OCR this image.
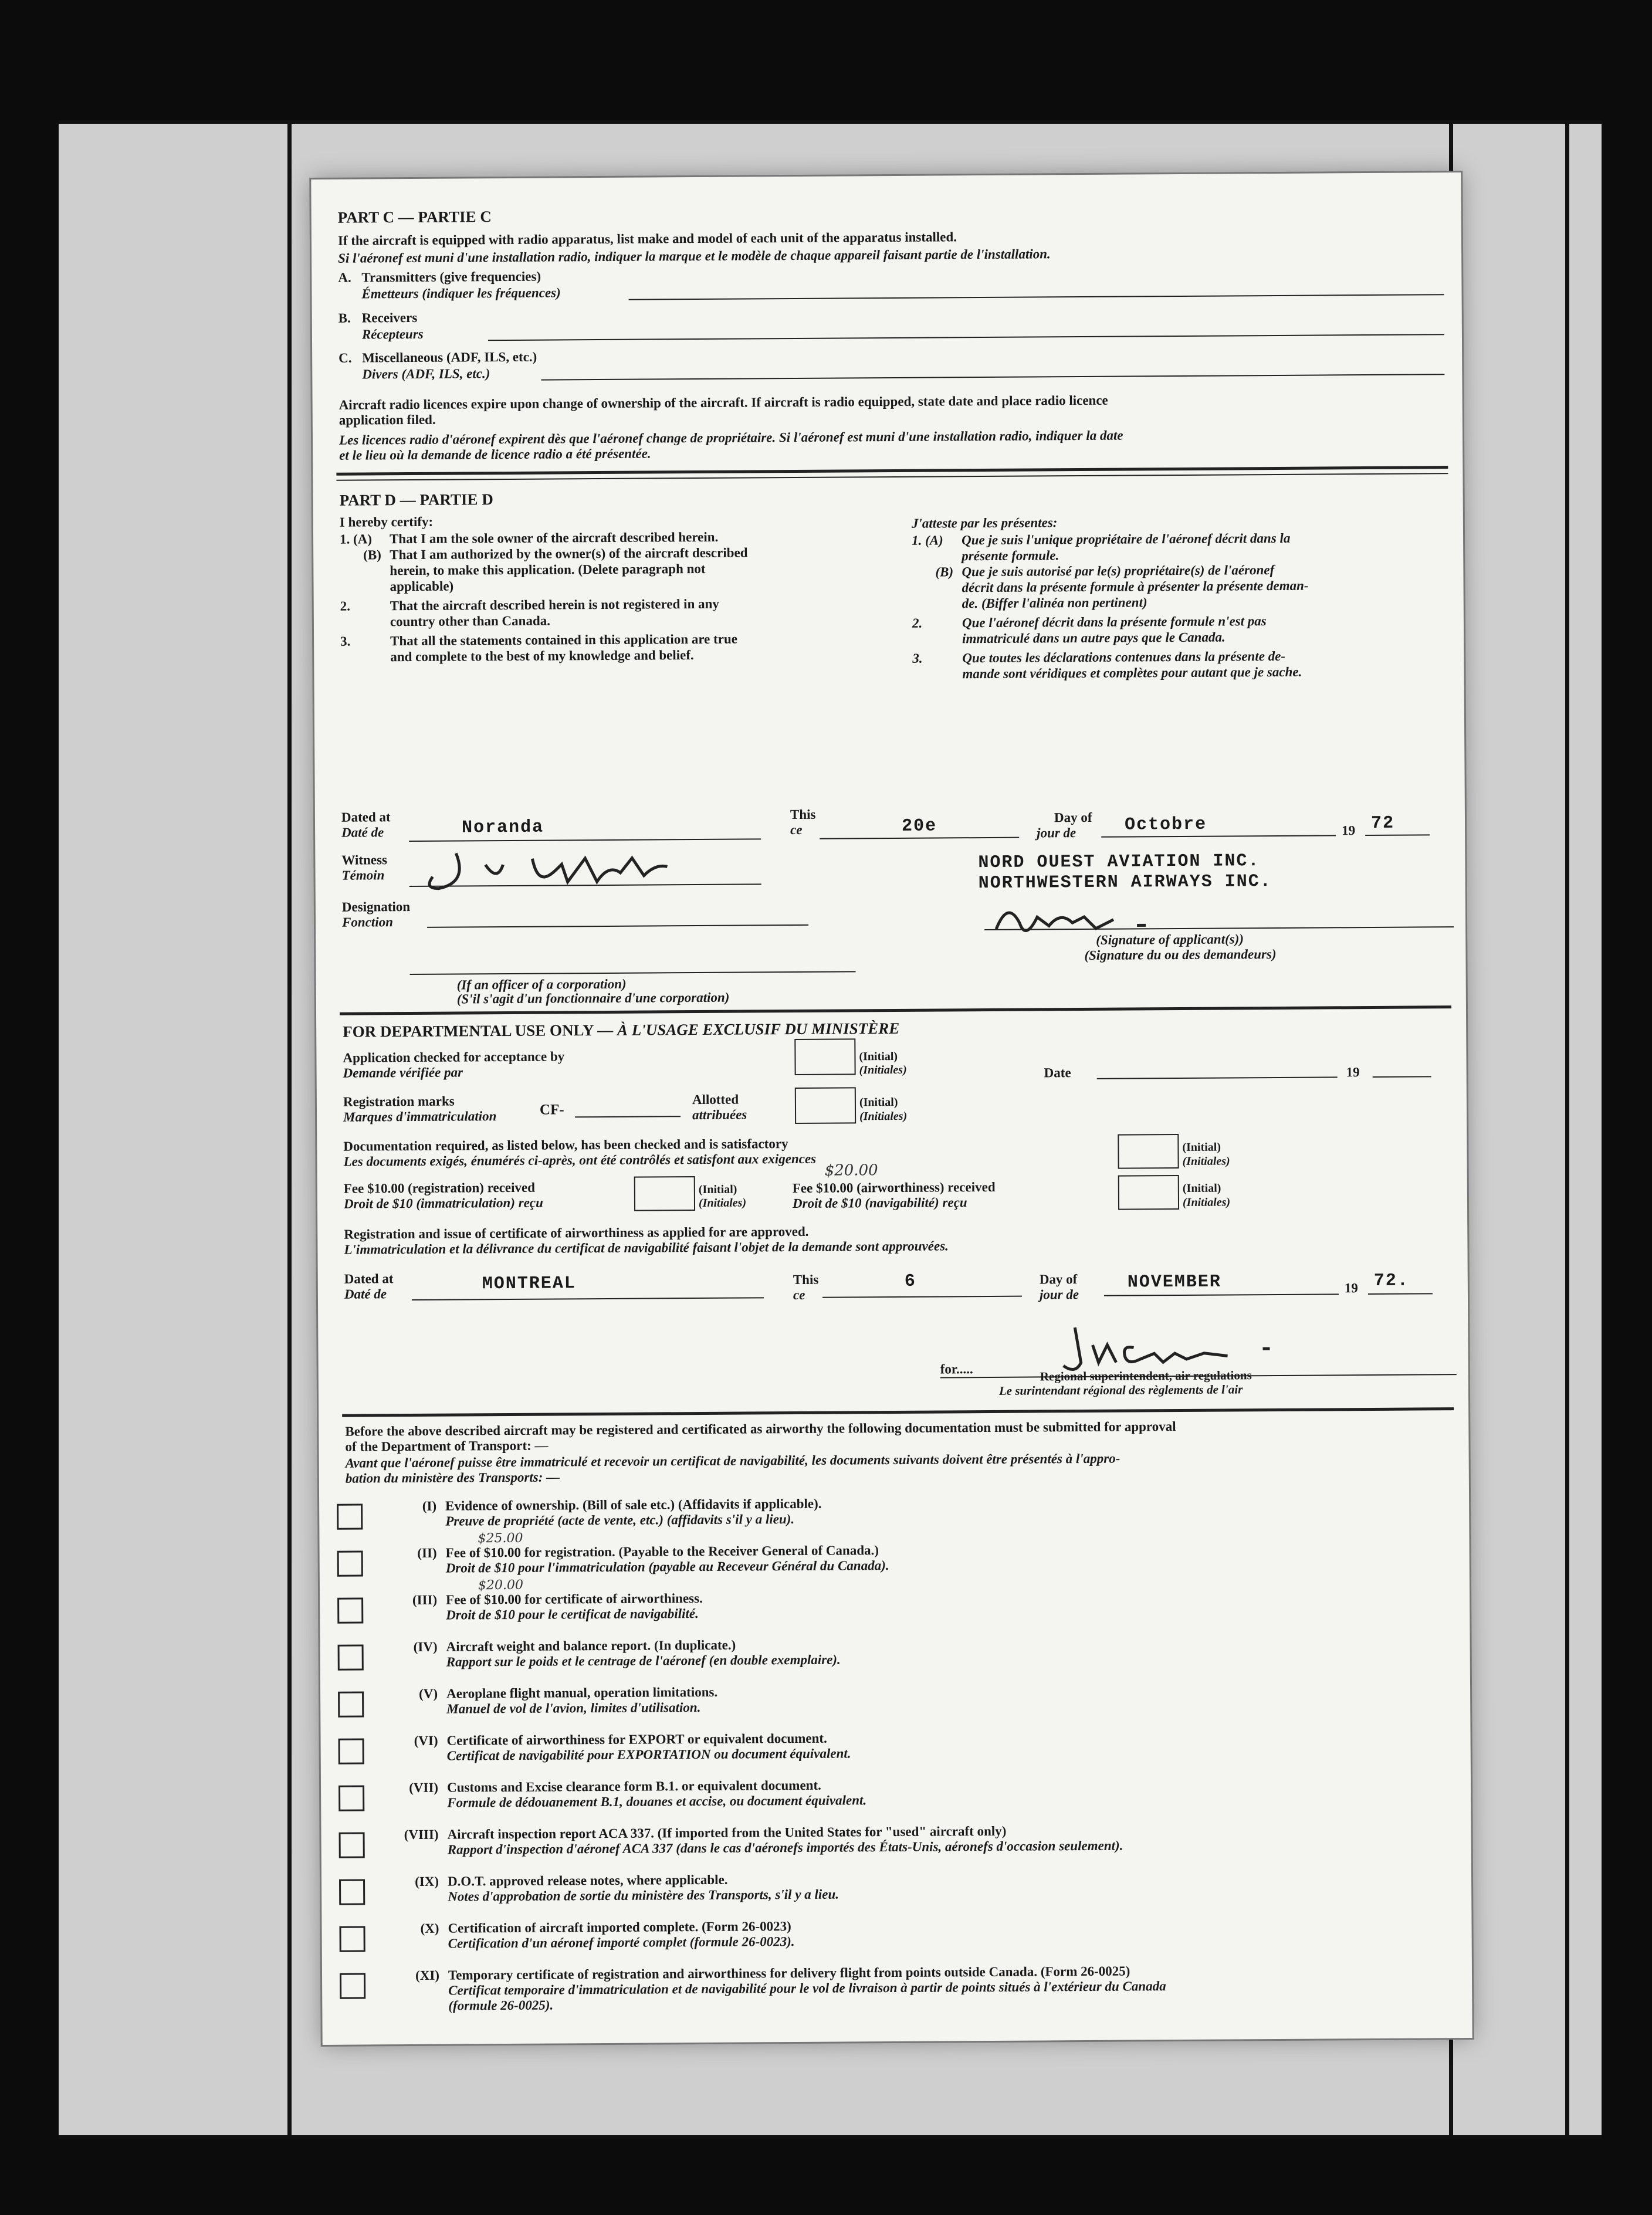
PART C — PARTIE C
If the aircraft is equipped with radio apparatus, list make and model of each unit of the apparatus installed.
Si l'aéronef est muni d'une installation radio, indiquer la marque et le modèle de chaque appareil faisant partie de l'installation.
A. Transmitters (give frequencies)
Émetteurs (indiquer les fréquences)
B. Receivers
Récepteurs
C. Miscellaneous (ADF, ILS, etc.)
Divers (ADF, ILS, etc.)
Aircraft radio licences expire upon change of ownership of the aircraft. If aircraft is radio equipped, state date and place radio licence
application filed.
Les licences radio d'aéronef expirent dès que l'aéronef change de propriétaire. Si l'aéronef est muni d'une installation radio, indiquer la date
et le lieu où la demande de licence radio a été présentée.
PART D — PARTIE D
I hereby certify:	J'atteste par les présentes:
1. (A) That I am the sole owner of the aircraft described herein.
(B) That I am authorized by the owner(s) of the aircraft described
herein, to make this application. (Delete paragraph not
applicable)
2.	That the aircraft described herein is not registered in any
country other than Canada.
3.	That all the statements contained in this application are true
and complete to the best of my knowledge and belief.
1. (A) Que je suis l'unique propriétaire de l'aéronef décrit dans la
présente formule.
(B) Que je suis autorisé par le(s) propriétaire(s) de l'aéronef
décrit dans la présente formule à présenter la présente deman-
de. (Biffer l'alinéa non pertinent)
2.	Que l'aéronef décrit dans la présente formule n'est pas
immatriculé dans un autre pays que le Canada.
3.	Que toutes les déclarations contenues dans la présente de-
mande sont véridiques et complètes pour autant que je sache.
Dated at
Daté de	Noranda
This
ce	20e	Day of
jour de	Octobre	19 72
Witness
Témoin
NORD OUEST AVIATION INC.
NORTHWESTERN AIRWAYS INC.
Designation
Fonction
(Signature of applicant(s))
(Signature du ou des demandeurs)
(If an officer of a corporation)
(S'il s'agit d'un fonctionnaire d'une corporation)
FOR DEPARTMENTAL USE ONLY — À L'USAGE EXCLUSIF DU MINISTÈRE
Application checked for acceptance by
Demande vérifiée par
(Initial)
(Initiales)	Date	19
Registration marks
Marques d'immatriculation	CF-
Allotted
attribuées
(Initial)
(Initiales)
Documentation required, as listed below, has been checked and is satisfactory
Les documents exigés, énumérés ci-après, ont été contrôlés et satisfont aux exigences
(Initial)
(Initiales)
Fee $10.00 (registration) received
Droit de $10 (immatriculation) reçu
(Initial)
(Initiales)
$20.00
Fee $10.00 (airworthiness) received
Droit de $10 (navigabilité) reçu
(Initial)
(Initiales)
Registration and issue of certificate of airworthiness as applied for are approved.
L'immatriculation et la délivrance du certificat de navigabilité faisant l'objet de la demande sont approuvées.
Dated at
Daté de	MONTREAL	This
ce
6	Day of
jour de
NOVEMBER	19 72.
for.....	Regional superintendent, air regulations
Le surintendant régional des règlements de l'air
Before the above described aircraft may be registered and certificated as airworthy the following documentation must be submitted for approval
of the Department of Transport: —
Avant que l'aéronef puisse être immatriculé et recevoir un certificat de navigabilité, les documents suivants doivent être présentés à l'appro-
bation du ministère des Transports: —
(I) Evidence of ownership. (Bill of sale etc.) (Affidavits if applicable).
Preuve de propriété (acte de vente, etc.) (affidavits s'il y a lieu).
(II) Fee of $10.00 for registration. (Payable to the Receiver General of Canada.)
Droit de $10 pour l'immatriculation (payable au Receveur Général du Canada).
$25.00
(III) Fee of $10.00 for certificate of airworthiness.
Droit de $10 pour le certificat de navigabilité.
$20.00
(IV) Aircraft weight and balance report. (In duplicate.)
Rapport sur le poids et le centrage de l'aéronef (en double exemplaire).
(V) Aeroplane flight manual, operation limitations.
Manuel de vol de l'avion, limites d'utilisation.
(VI) Certificate of airworthiness for EXPORT or equivalent document.
Certificat de navigabilité pour EXPORTATION ou document équivalent.
(VII) Customs and Excise clearance form B.1. or equivalent document.
Formule de dédouanement B.1, douanes et accise, ou document équivalent.
(VIII) Aircraft inspection report ACA 337. (If imported from the United States for "used" aircraft only)
Rapport d'inspection d'aéronef ACA 337 (dans le cas d'aéronefs importés des États-Unis, aéronefs d'occasion seulement).
(IX) D.O.T. approved release notes, where applicable.
Notes d'approbation de sortie du ministère des Transports, s'il y a lieu.
(X) Certification of aircraft imported complete. (Form 26-0023)
Certification d'un aéronef importé complet (formule 26-0023).
(XI) Temporary certificate of registration and airworthiness for delivery flight from points outside Canada. (Form 26-0025)
Certificat temporaire d'immatriculation et de navigabilité pour le vol de livraison à partir de points situés à l'extérieur du Canada
(formule 26-0025).
